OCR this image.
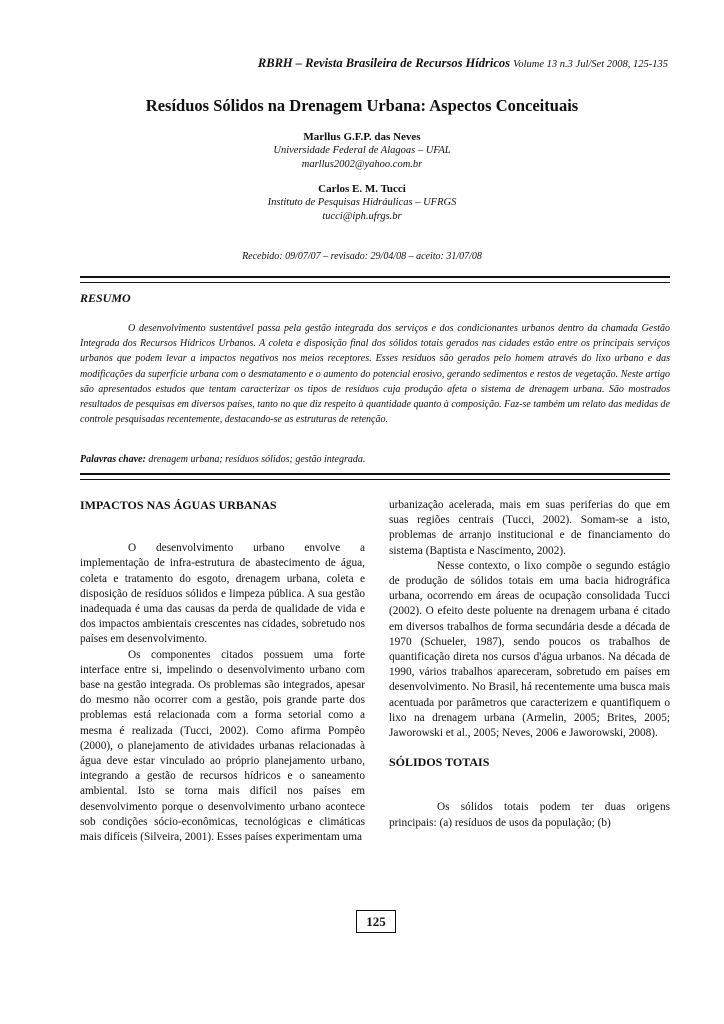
RBRH – Revista Brasileira de Recursos Hídricos Volume 13 n.3 Jul/Set 2008, 125-135
Resíduos Sólidos na Drenagem Urbana: Aspectos Conceituais
Marllus G.F.P. das Neves
Universidade Federal de Alagoas – UFAL
marllus2002@yahoo.com.br
Carlos E. M. Tucci
Instituto de Pesquisas Hidráulicas – UFRGS
tucci@iph.ufrgs.br
Recebido: 09/07/07 – revisado: 29/04/08 – aceito: 31/07/08
RESUMO

O desenvolvimento sustentável passa pela gestão integrada dos serviços e dos condicionantes urbanos dentro da chamada Gestão Integrada dos Recursos Hídricos Urbanos. A coleta e disposição final dos sólidos totais gerados nas cidades estão entre os principais serviços urbanos que podem levar a impactos negativos nos meios receptores. Esses resíduos são gerados pelo homem através do lixo urbano e das modificações da superfície urbana com o desmatamento e o aumento do potencial erosivo, gerando sedimentos e restos de vegetação. Neste artigo são apresentados estudos que tentam caracterizar os tipos de resíduos cuja produção afeta o sistema de drenagem urbana. São mostrados resultados de pesquisas em diversos países, tanto no que diz respeito à quantidade quanto à composição. Faz-se também um relato das medidas de controle pesquisadas recentemente, destacando-se as estruturas de retenção.

Palavras chave: drenagem urbana; resíduos sólidos; gestão integrada.

IMPACTOS NAS ÁGUAS URBANAS

O desenvolvimento urbano envolve a implementação de infra-estrutura de abastecimento de água, coleta e tratamento do esgoto, drenagem urbana, coleta e disposição de resíduos sólidos e limpeza pública. A sua gestão inadequada é uma das causas da perda de qualidade de vida e dos impactos ambientais crescentes nas cidades, sobretudo nos países em desenvolvimento.

Os componentes citados possuem uma forte interface entre si, impelindo o desenvolvimento urbano com base na gestão integrada. Os problemas são integrados, apesar do mesmo não ocorrer com a gestão, pois grande parte dos problemas está relacionada com a forma setorial como a mesma é realizada (Tucci, 2002). Como afirma Pompêo (2000), o planejamento de atividades urbanas relacionadas à água deve estar vinculado ao próprio planejamento urbano, integrando a gestão de recursos hídricos e o saneamento ambiental. Isto se torna mais difícil nos países em desenvolvimento porque o desenvolvimento urbano acontece sob condições sócio-econômicas, tecnológicas e climáticas mais difíceis (Silveira, 2001). Esses países experimentam uma

urbanização acelerada, mais em suas periferias do que em suas regiões centrais (Tucci, 2002). Somam-se a isto, problemas de arranjo institucional e de financiamento do sistema (Baptista e Nascimento, 2002).

Nesse contexto, o lixo compõe o segundo estágio de produção de sólidos totais em uma bacia hidrográfica urbana, ocorrendo em áreas de ocupação consolidada Tucci (2002). O efeito deste poluente na drenagem urbana é citado em diversos trabalhos de forma secundária desde a década de 1970 (Schueler, 1987), sendo poucos os trabalhos de quantificação direta nos cursos d'água urbanos. Na década de 1990, vários trabalhos apareceram, sobretudo em países em desenvolvimento. No Brasil, há recentemente uma busca mais acentuada por parâmetros que caracterizem e quantifiquem o lixo na drenagem urbana (Armelin, 2005; Brites, 2005; Jaworowski et al., 2005; Neves, 2006 e Jaworowski, 2008).

SÓLIDOS TOTAIS

Os sólidos totais podem ter duas origens principais: (a) resíduos de usos da população; (b)

125
